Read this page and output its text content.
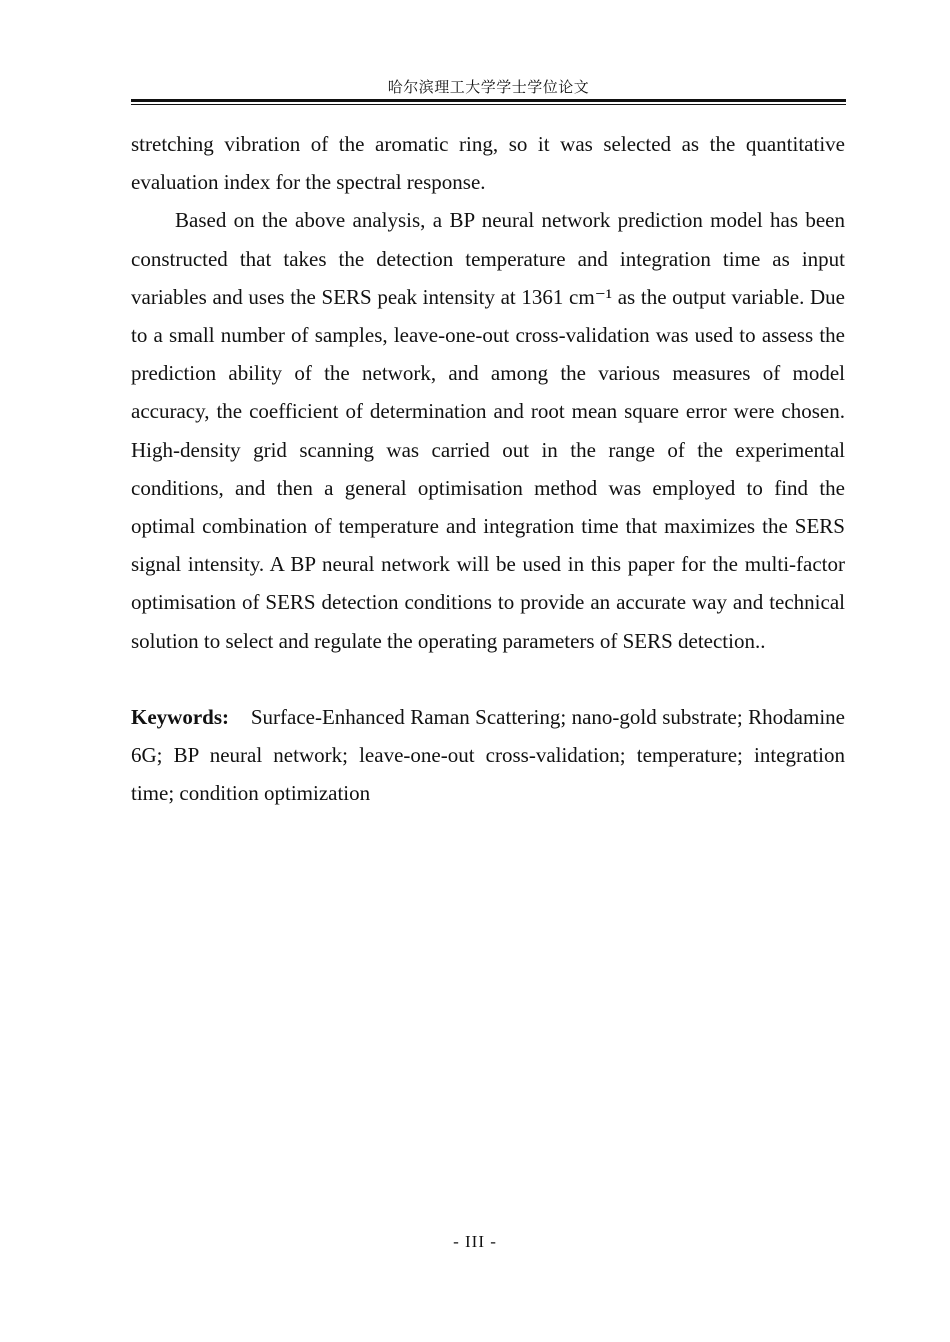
哈尔滨理工大学学士学位论文

stretching vibration of the aromatic ring, so it was selected as the quantitative evaluation index for the spectral response.

Based on the above analysis, a BP neural network prediction model has been constructed that takes the detection temperature and integration time as input variables and uses the SERS peak intensity at 1361 cm⁻¹ as the output variable. Due to a small number of samples, leave-one-out cross-validation was used to assess the prediction ability of the network, and among the various measures of model accuracy, the coefficient of determination and root mean square error were chosen. High-density grid scanning was carried out in the range of the experimental conditions, and then a general optimisation method was employed to find the optimal combination of temperature and integration time that maximizes the SERS signal intensity. A BP neural network will be used in this paper for the multi-factor optimisation of SERS detection conditions to provide an accurate way and technical solution to select and regulate the operating parameters of SERS detection..

Keywords: Surface-Enhanced Raman Scattering; nano-gold substrate; Rhodamine 6G; BP neural network; leave-one-out cross-validation; temperature; integration time; condition optimization

- III -
